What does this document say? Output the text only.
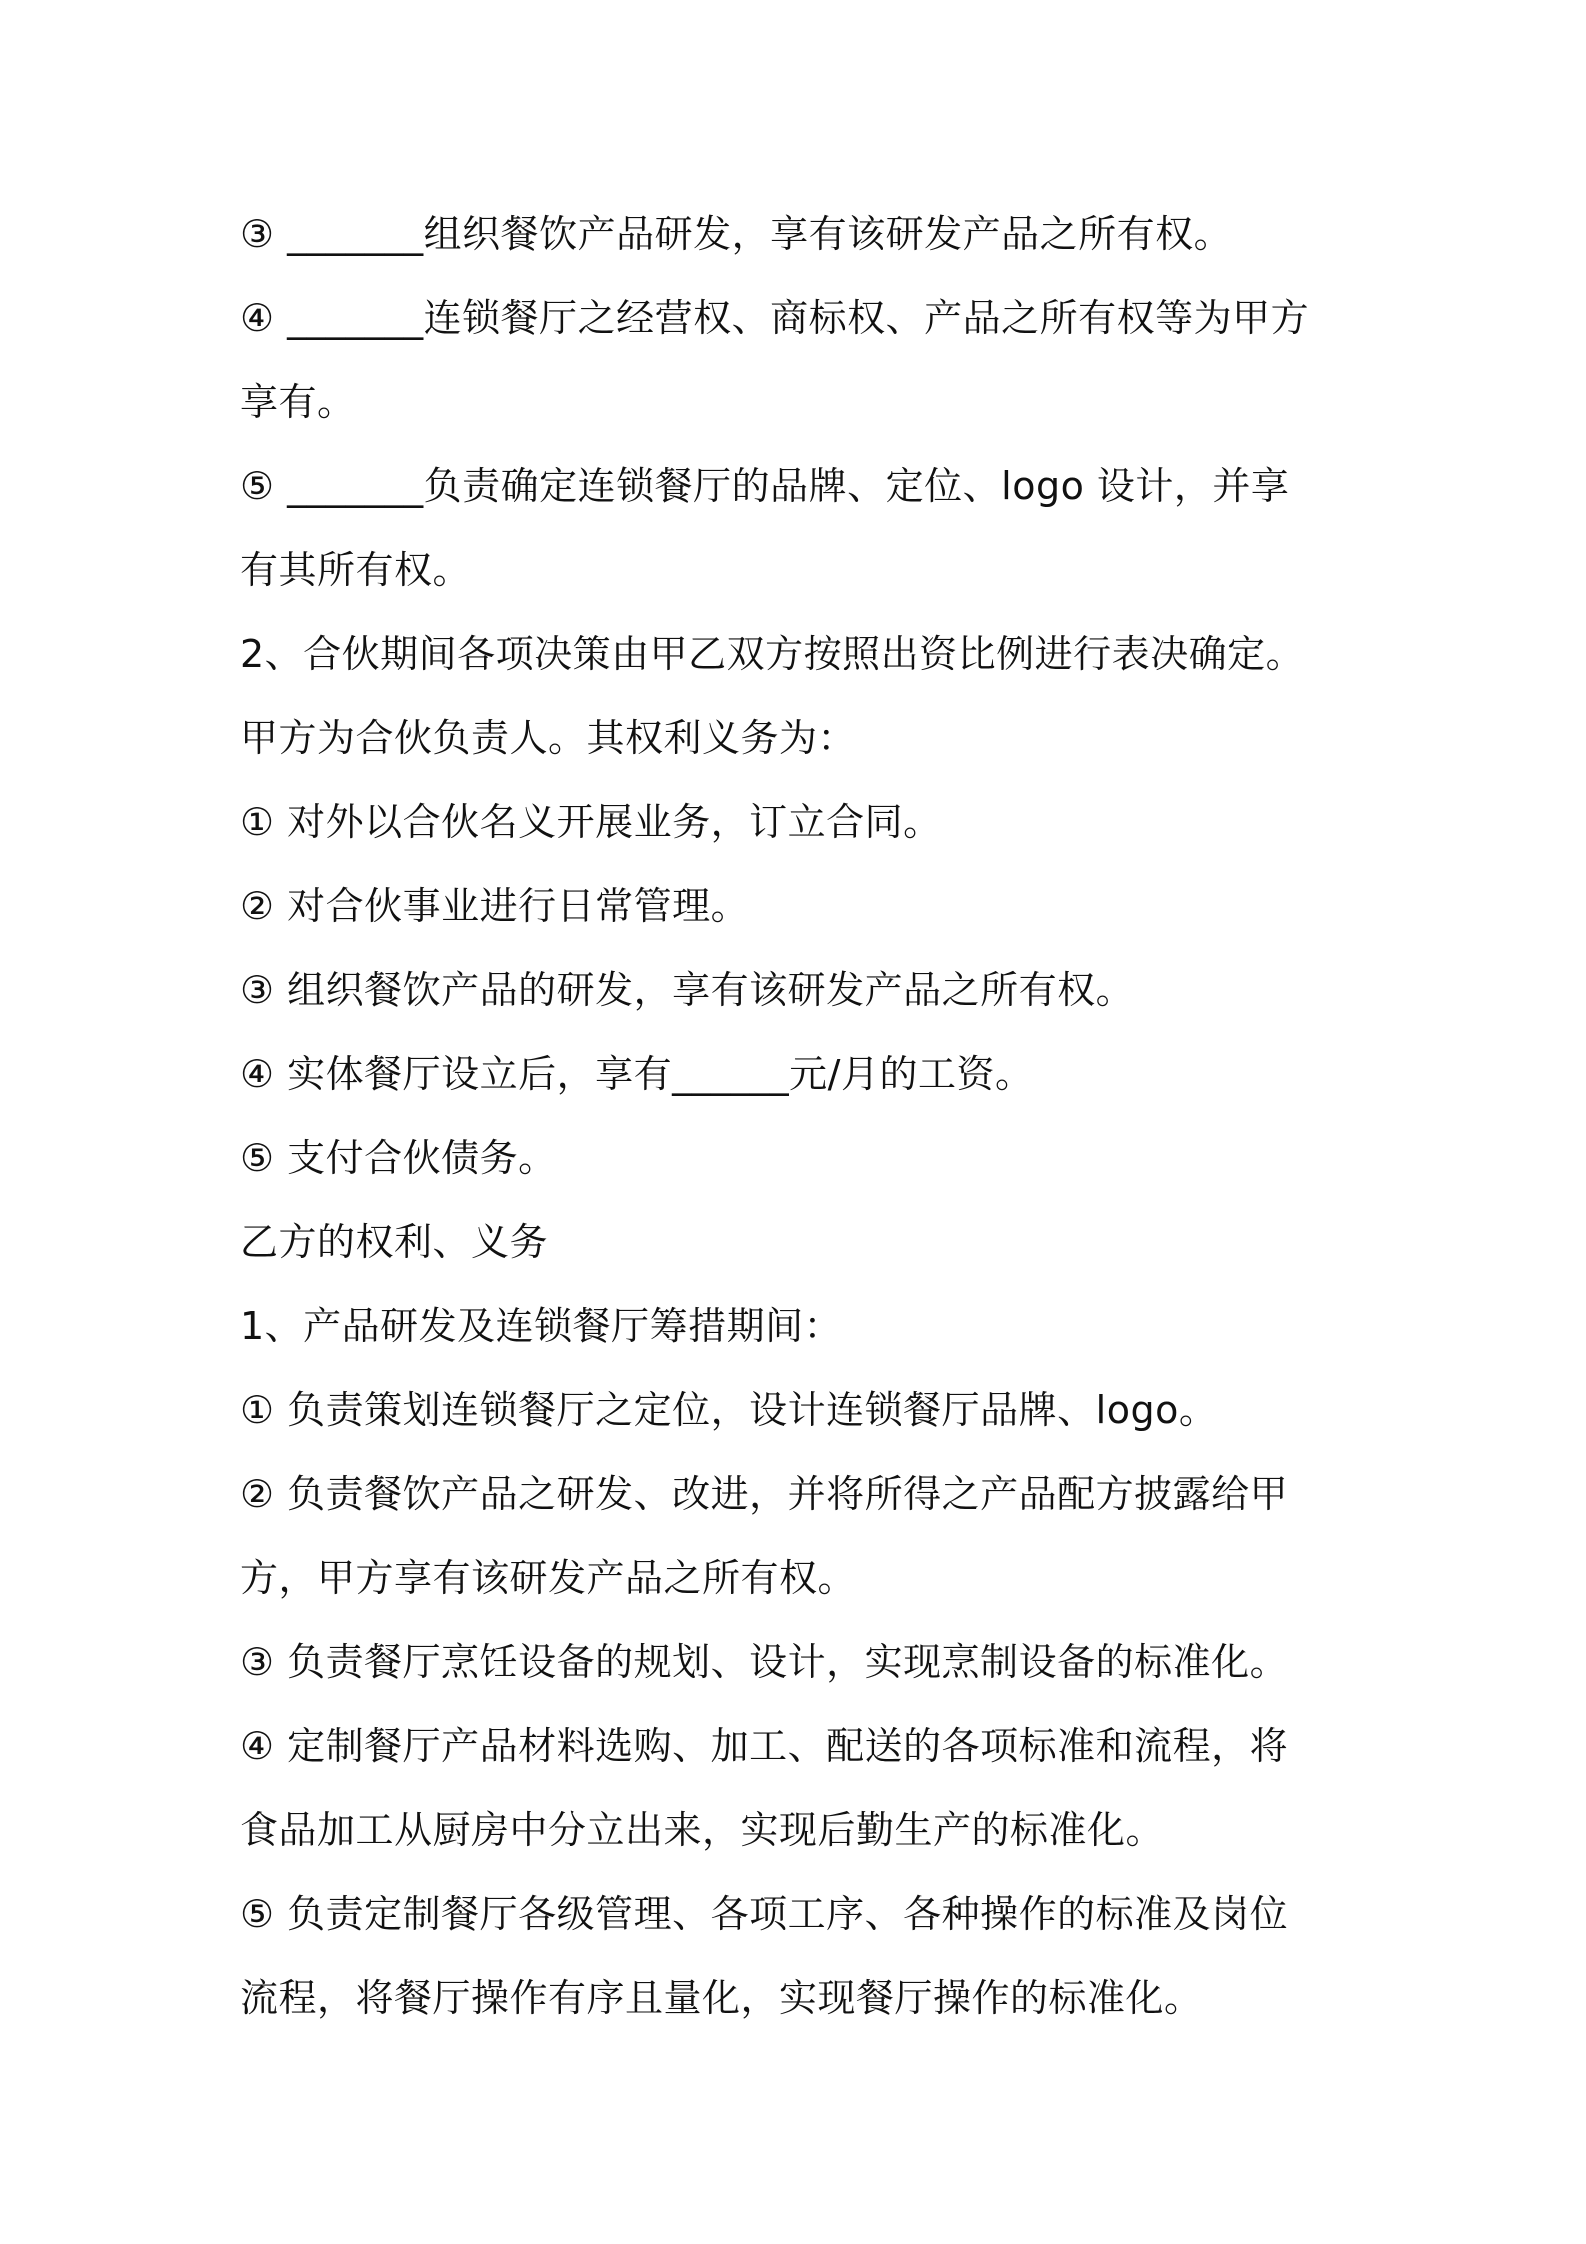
③ _______组织餐饮产品研发，享有该研发产品之所有权。
④ _______连锁餐厅之经营权、商标权、产品之所有权等为甲方
享有。
⑤ _______负责确定连锁餐厅的品牌、定位、logo 设计，并享
有其所有权。
2、合伙期间各项决策由甲乙双方按照出资比例进行表决确定。
甲方为合伙负责人。其权利义务为：
① 对外以合伙名义开展业务，订立合同。
② 对合伙事业进行日常管理。
③ 组织餐饮产品的研发，享有该研发产品之所有权。
④ 实体餐厅设立后，享有______元/月的工资。
⑤ 支付合伙债务。
乙方的权利、义务
1、产品研发及连锁餐厅筹措期间：
① 负责策划连锁餐厅之定位，设计连锁餐厅品牌、logo。
② 负责餐饮产品之研发、改进，并将所得之产品配方披露给甲
方，甲方享有该研发产品之所有权。
③ 负责餐厅烹饪设备的规划、设计，实现烹制设备的标准化。
④ 定制餐厅产品材料选购、加工、配送的各项标准和流程，将
食品加工从厨房中分立出来，实现后勤生产的标准化。
⑤ 负责定制餐厅各级管理、各项工序、各种操作的标准及岗位
流程，将餐厅操作有序且量化，实现餐厅操作的标准化。
